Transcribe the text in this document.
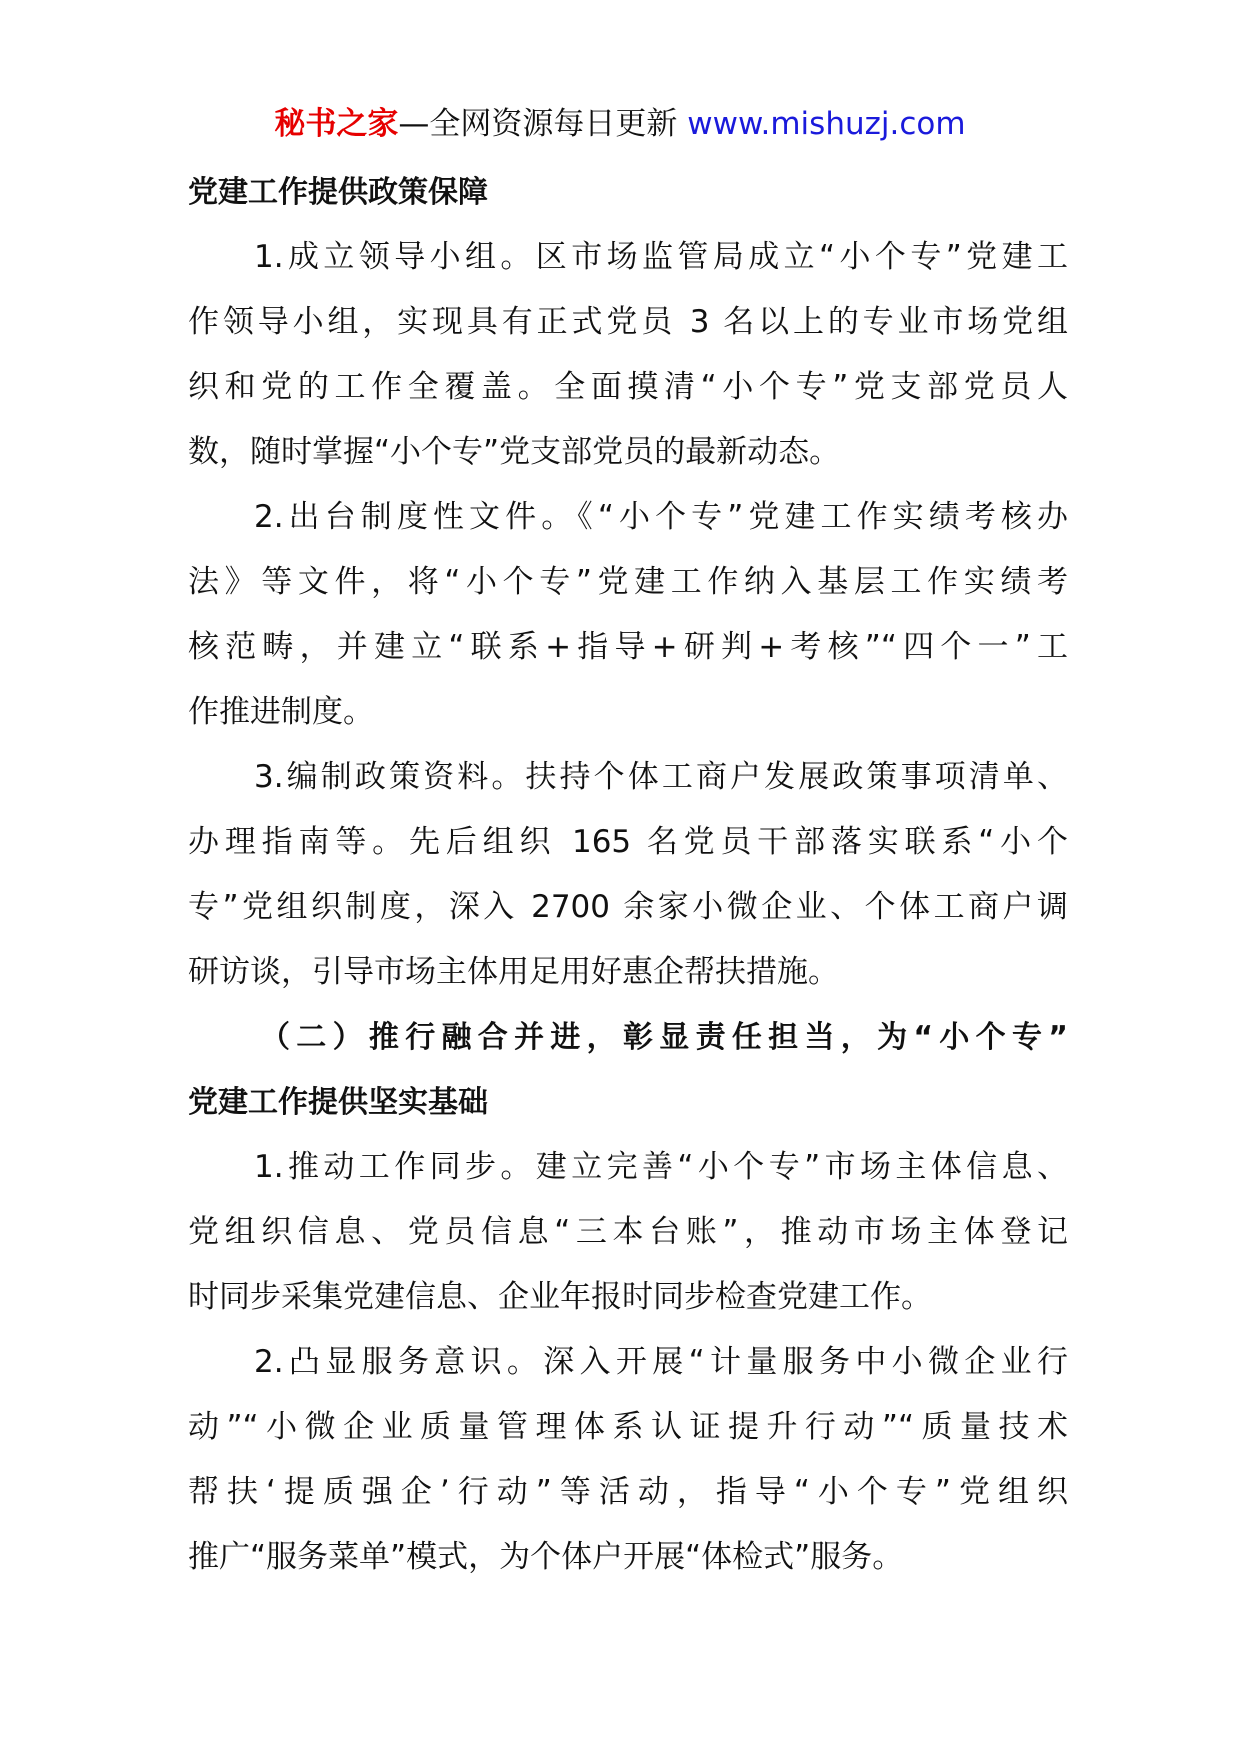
秘书之家—全网资源每日更新 www.mishuzj.com
党建工作提供政策保障
1.成立领导小组。区市场监管局成立“小个专”党建工
作领导小组，实现具有正式党员 3 名以上的专业市场党组
织和党的工作全覆盖。全面摸清“小个专”党支部党员人
数，随时掌握“小个专”党支部党员的最新动态。
2.出台制度性文件。《“小个专”党建工作实绩考核办
法》等文件，将“小个专”党建工作纳入基层工作实绩考
核范畴，并建立“联系+指导+研判+考核”“四个一”工
作推进制度。
3.编制政策资料。扶持个体工商户发展政策事项清单、
办理指南等。先后组织 165 名党员干部落实联系“小个
专”党组织制度，深入 2700 余家小微企业、个体工商户调
研访谈，引导市场主体用足用好惠企帮扶措施。
（二）推行融合并进，彰显责任担当，为“小个专”
党建工作提供坚实基础
1.推动工作同步。建立完善“小个专”市场主体信息、
党组织信息、党员信息“三本台账”，推动市场主体登记
时同步采集党建信息、企业年报时同步检查党建工作。
2.凸显服务意识。深入开展“计量服务中小微企业行
动”“小微企业质量管理体系认证提升行动”“质量技术
帮扶‘提质强企’行动”等活动，指导“小个专”党组织
推广“服务菜单”模式，为个体户开展“体检式”服务。
